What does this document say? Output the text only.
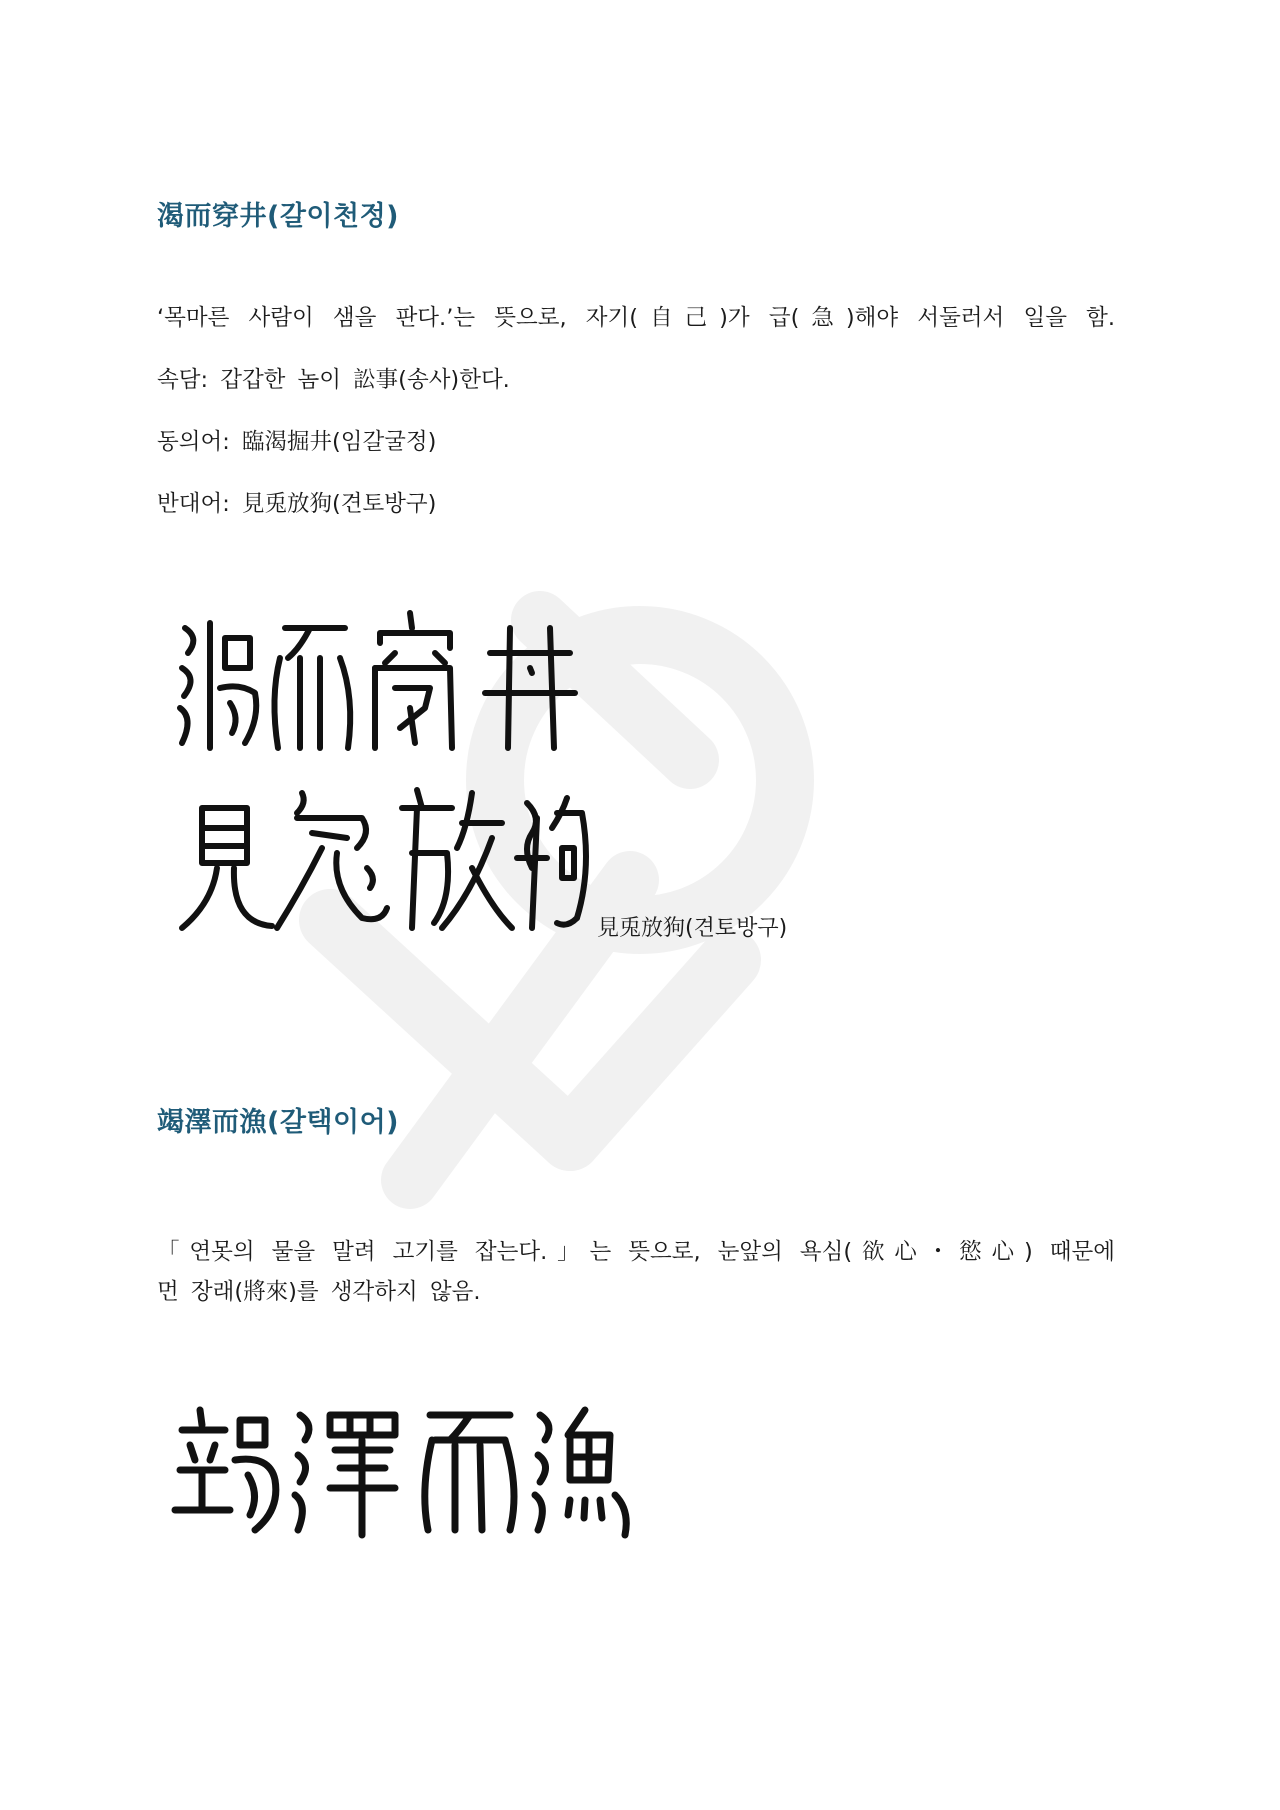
渴而穿井(갈이천정)

‘목마른 사람이 샘을 판다.’는 뜻으로, 자기(自己)가 급(急)해야 서둘러서 일을 함.

속담: 갑갑한 놈이 訟事(송사)한다.

동의어: 臨渴掘井(임갈굴정)

반대어: 見兎放狗(견토방구)

見兎放狗(견토방구)

竭澤而漁(갈택이어)

「연못의 물을 말려 고기를 잡는다.」는 뜻으로, 눈앞의 욕심(欲心・慾心) 때문에

먼 장래(將來)를 생각하지 않음.
